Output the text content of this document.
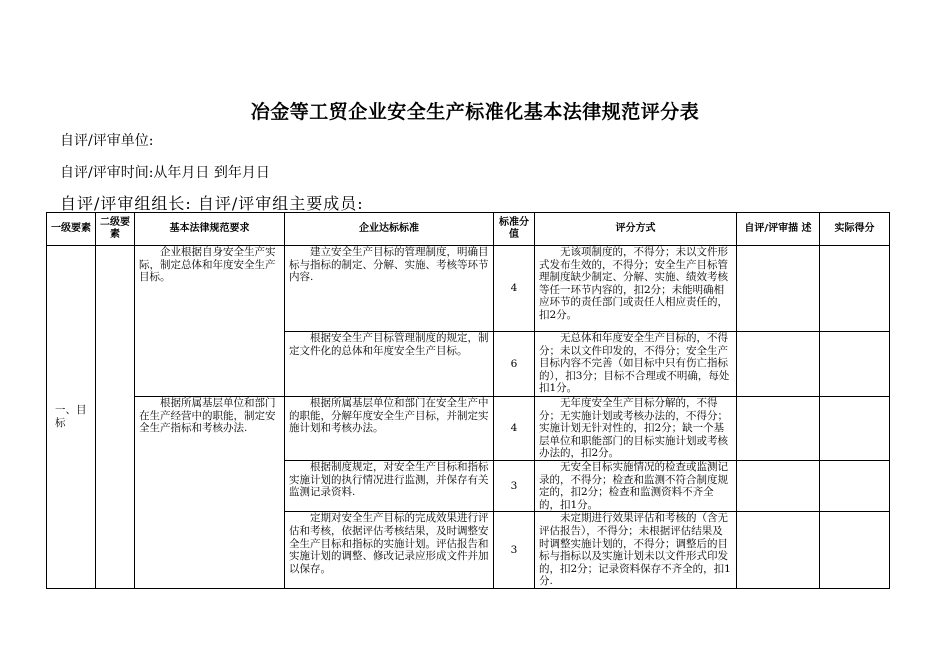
冶金等工贸企业安全生产标准化基本法律规范评分表
自评/评审单位:
自评/评审时间:从年月日 到年月日
自评/评审组组长: 自评/评审组主要成员:
一级要素	二级要素	基本法律规范要求	企业达标标准	标准分值	评分方式	自评/评审描 述	实际得分
一、目标		企业根据自身安全生产实际，制定总体和年度安全生产目标。	建立安全生产目标的管理制度，明确目标与指标的制定、分解、实施、考核等环节内容.	4	无该项制度的，不得分；未以文件形式发布生效的，不得分；安全生产目标管理制度缺少制定、分解、实施、绩效考核等任一环节内容的，扣2分；未能明确相应环节的责任部门或责任人相应责任的，扣2分。		

			根据安全生产目标管理制度的规定，制定文件化的总体和年度安全生产目标。	6	无总体和年度安全生产目标的，不得分；未以文件印发的，不得分；安全生产目标内容不完善（如目标中只有伤亡指标的），扣3分；目标不合理或不明确，每处扣1分。		

		根据所属基层单位和部门在生产经营中的职能，制定安全生产指标和考核办法.	根据所属基层单位和部门在安全生产中的职能，分解年度安全生产目标，并制定实施计划和考核办法。	4	无年度安全生产目标分解的，不得分；无实施计划或考核办法的，不得分；实施计划无针对性的，扣2分；缺一个基层单位和职能部门的目标实施计划或考核办法的，扣2分。		

			根据制度规定，对安全生产目标和指标实施计划的执行情况进行监测，并保存有关监测记录资料.	3	无安全目标实施情况的检查或监测记录的，不得分；检查和监测不符合制度规定的，扣2分；检查和监测资料不齐全的，扣1分。		

			定期对安全生产目标的完成效果进行评估和考核，依据评估考核结果，及时调整安全生产目标和指标的实施计划。评估报告和实施计划的调整、修改记录应形成文件并加以保存。	3	未定期进行效果评估和考核的（含无评估报告），不得分；未根据评估结果及时调整实施计划的，不得分；调整后的目标与指标以及实施计划未以文件形式印发的，扣2分；记录资料保存不齐全的，扣1分.		
